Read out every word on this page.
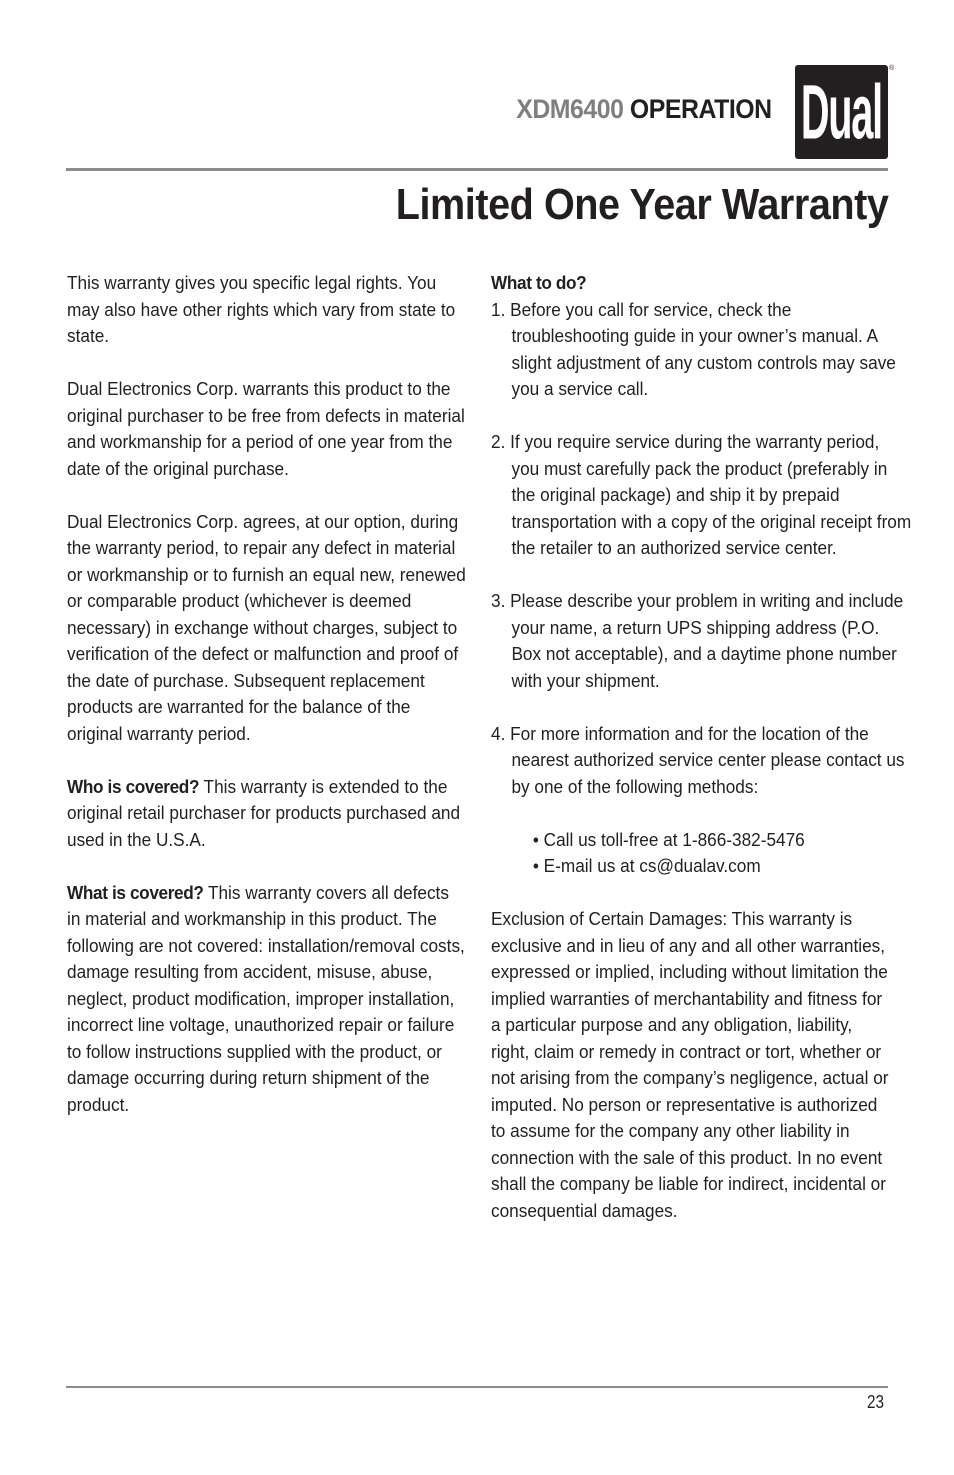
XDM6400 OPERATION Dual
®
Limited One Year Warranty

This warranty gives you specific legal rights. You may also have other rights which vary from state to state.

Dual Electronics Corp. warrants this product to the original purchaser to be free from defects in material and workmanship for a period of one year from the date of the original purchase.

Dual Electronics Corp. agrees, at our option, during the warranty period, to repair any defect in material or workmanship or to furnish an equal new, renewed or comparable product (whichever is deemed necessary) in exchange without charges, subject to verification of the defect or malfunction and proof of the date of purchase. Subsequent replacement products are warranted for the balance of the original warranty period.

Who is covered? This warranty is extended to the original retail purchaser for products purchased and used in the U.S.A.

What is covered? This warranty covers all defects in material and workmanship in this product. The following are not covered: installation/removal costs, damage resulting from accident, misuse, abuse, neglect, product modification, improper installation, incorrect line voltage, unauthorized repair or failure to follow instructions supplied with the product, or damage occurring during return shipment of the product.

What to do?
1. Before you call for service, check the troubleshooting guide in your owner’s manual. A slight adjustment of any custom controls may save you a service call.
2. If you require service during the warranty period, you must carefully pack the product (preferably in the original package) and ship it by prepaid transportation with a copy of the original receipt from the retailer to an authorized service center.
3. Please describe your problem in writing and include your name, a return UPS shipping address (P.O. Box not acceptable), and a daytime phone number with your shipment.
4. For more information and for the location of the nearest authorized service center please contact us by one of the following methods:
• Call us toll-free at 1-866-382-5476
• E-mail us at cs@dualav.com

Exclusion of Certain Damages: This warranty is exclusive and in lieu of any and all other warranties, expressed or implied, including without limitation the implied warranties of merchantability and fitness for a particular purpose and any obligation, liability, right, claim or remedy in contract or tort, whether or not arising from the company’s negligence, actual or imputed. No person or representative is authorized to assume for the company any other liability in connection with the sale of this product. In no event shall the company be liable for indirect, incidental or consequential damages.

23
